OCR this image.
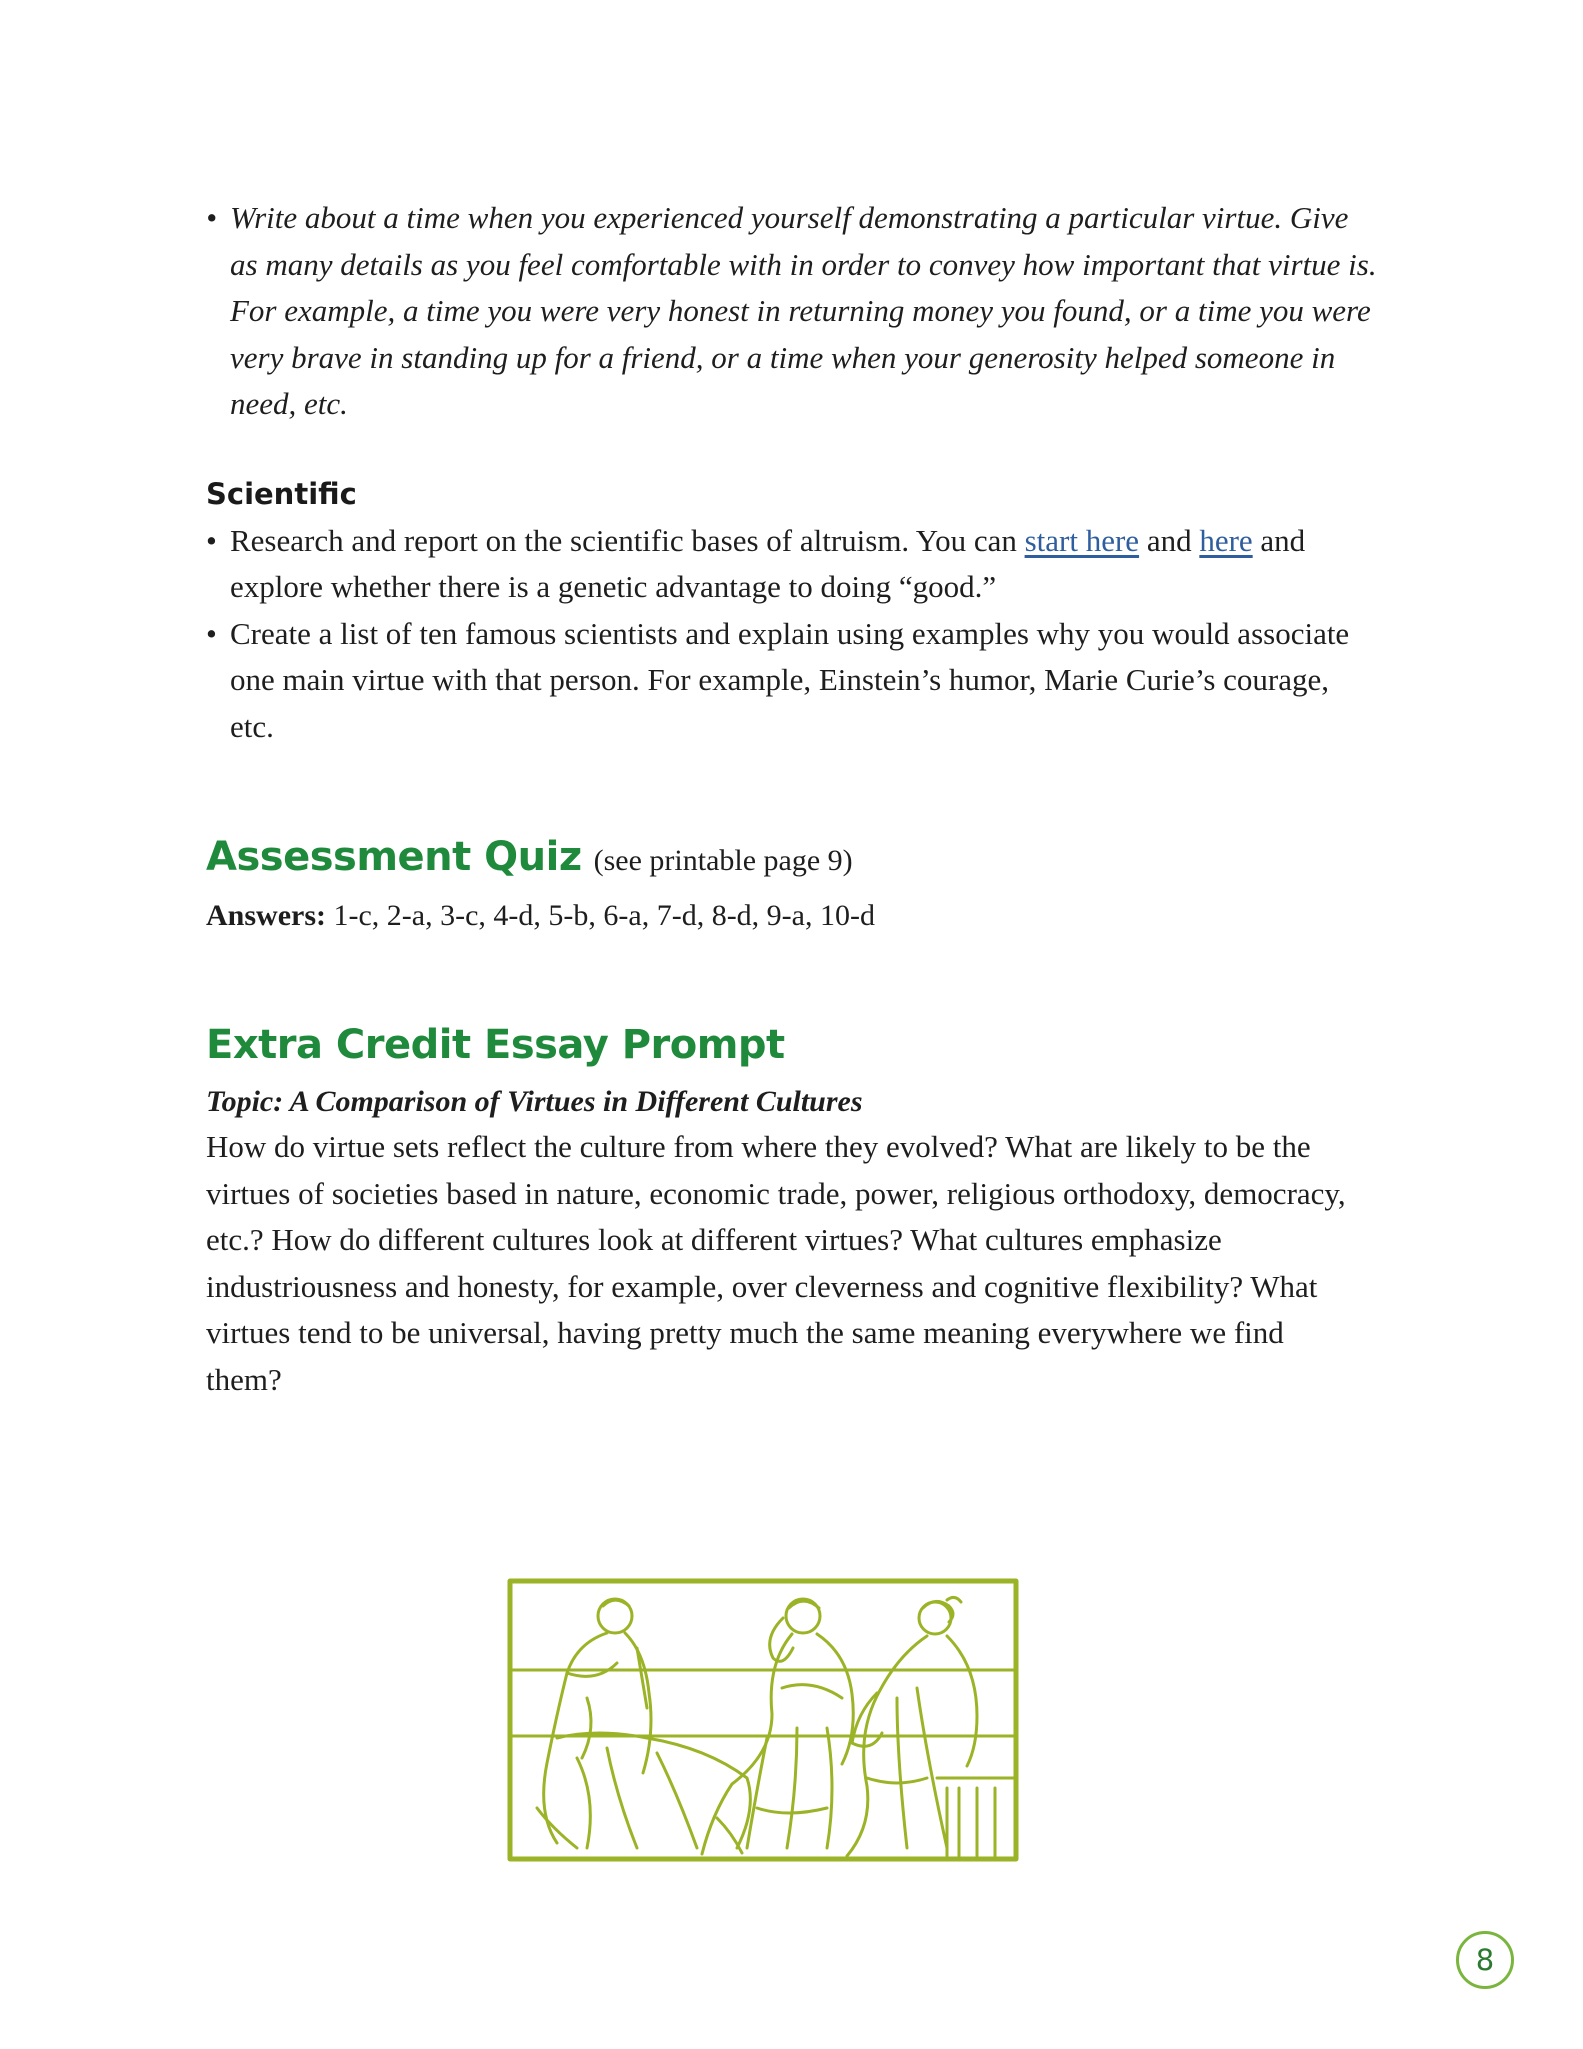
• Write about a time when you experienced yourself demonstrating a particular virtue. Give as many details as you feel comfortable with in order to convey how important that virtue is. For example, a time you were very honest in returning money you found, or a time you were very brave in standing up for a friend, or a time when your generosity helped someone in need, etc.
Scientific
• Research and report on the scientific bases of altruism. You can start here and here and explore whether there is a genetic advantage to doing “good.”
• Create a list of ten famous scientists and explain using examples why you would associate one main virtue with that person. For example, Einstein’s humor, Marie Curie’s courage, etc.
Assessment Quiz (see printable page 9)
Answers: 1-c, 2-a, 3-c, 4-d, 5-b, 6-a, 7-d, 8-d, 9-a, 10-d
Extra Credit Essay Prompt
Topic: A Comparison of Virtues in Different Cultures
How do virtue sets reflect the culture from where they evolved? What are likely to be the virtues of societies based in nature, economic trade, power, religious orthodoxy, democracy, etc.? How do different cultures look at different virtues? What cultures emphasize industriousness and honesty, for example, over cleverness and cognitive flexibility? What virtues tend to be universal, having pretty much the same meaning everywhere we find them?
8
